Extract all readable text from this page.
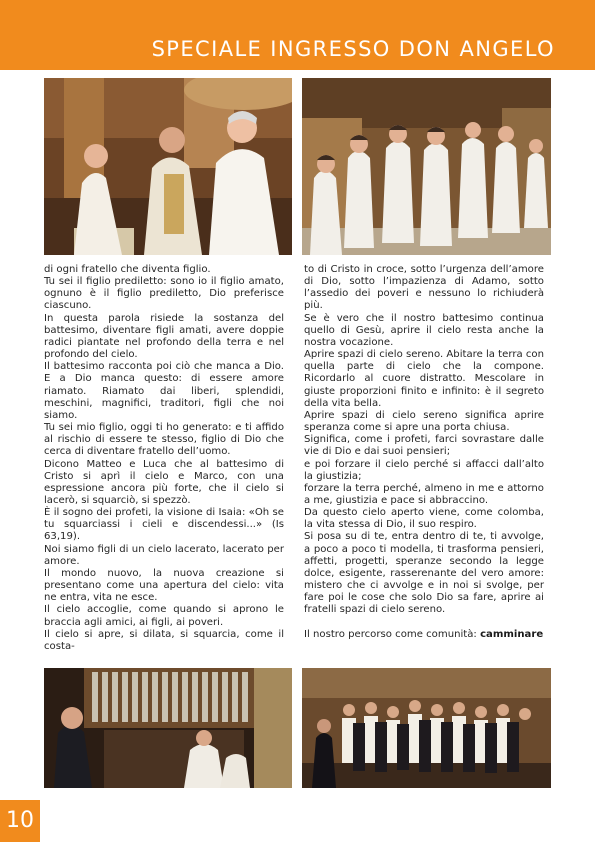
SPECIALE INGRESSO DON ANGELO

di ogni fratello che diventa figlio.

Tu sei il figlio prediletto: sono io il figlio amato, ognuno è il figlio prediletto, Dio preferisce ciascuno.

In questa parola risiede la sostanza del battesimo, diventare figli amati, avere doppie radici piantate nel profondo della terra e nel profondo del cielo.

Il battesimo racconta poi ciò che manca a Dio. E a Dio manca questo: di essere amore riamato. Riamato dai liberi, splendidi, meschini, magnifici, traditori, figli che noi siamo.

Tu sei mio figlio, oggi ti ho generato: e ti affido al rischio di essere te stesso, figlio di Dio che cerca di diventare fratello dell’uomo.

Dicono Matteo e Luca che al battesimo di Cristo si aprì il cielo e Marco, con una espressione ancora più forte, che il cielo si lacerò, si squarciò, si spezzò.

È il sogno dei profeti, la visione di Isaia: «Oh se tu squarciassi i cieli e discendessi...» (Is 63,19).

Noi siamo figli di un cielo lacerato, lacerato per amore.

Il mondo nuovo, la nuova creazione si presentano come una apertura del cielo: vita ne entra, vita ne esce.

Il cielo accoglie, come quando si aprono le braccia agli amici, ai figli, ai poveri.

Il cielo si apre, si dilata, si squarcia, come il costa-

to di Cristo in croce, sotto l’urgenza dell’amore di Dio, sotto l’impazienza di Adamo, sotto l’assedio dei poveri e nessuno lo richiuderà più.

Se è vero che il nostro battesimo continua quello di Gesù, aprire il cielo resta anche la nostra vocazione.

Aprire spazi di cielo sereno. Abitare la terra con quella parte di cielo che la compone. Ricordarlo al cuore distratto. Mescolare in giuste proporzioni finito e infinito: è il segreto della vita bella.

Aprire spazi di cielo sereno significa aprire speranza come si apre una porta chiusa.

Significa, come i profeti, farci sovrastare dalle vie di Dio e dai suoi pensieri;

e poi forzare il cielo perché si affacci dall’alto la giustizia;

forzare la terra perché, almeno in me e attorno a me, giustizia e pace si abbraccino.

Da questo cielo aperto viene, come colomba, la vita stessa di Dio, il suo respiro.

Si posa su di te, entra dentro di te, ti avvolge, a poco a poco ti modella, ti trasforma pensieri, affetti, progetti, speranze secondo la legge dolce, esigente, rasserenante del vero amore: mistero che ci avvolge e in noi si svolge, per fare poi le cose che solo Dio sa fare, aprire ai fratelli spazi di cielo sereno.

Il nostro percorso come comunità: camminare

10
